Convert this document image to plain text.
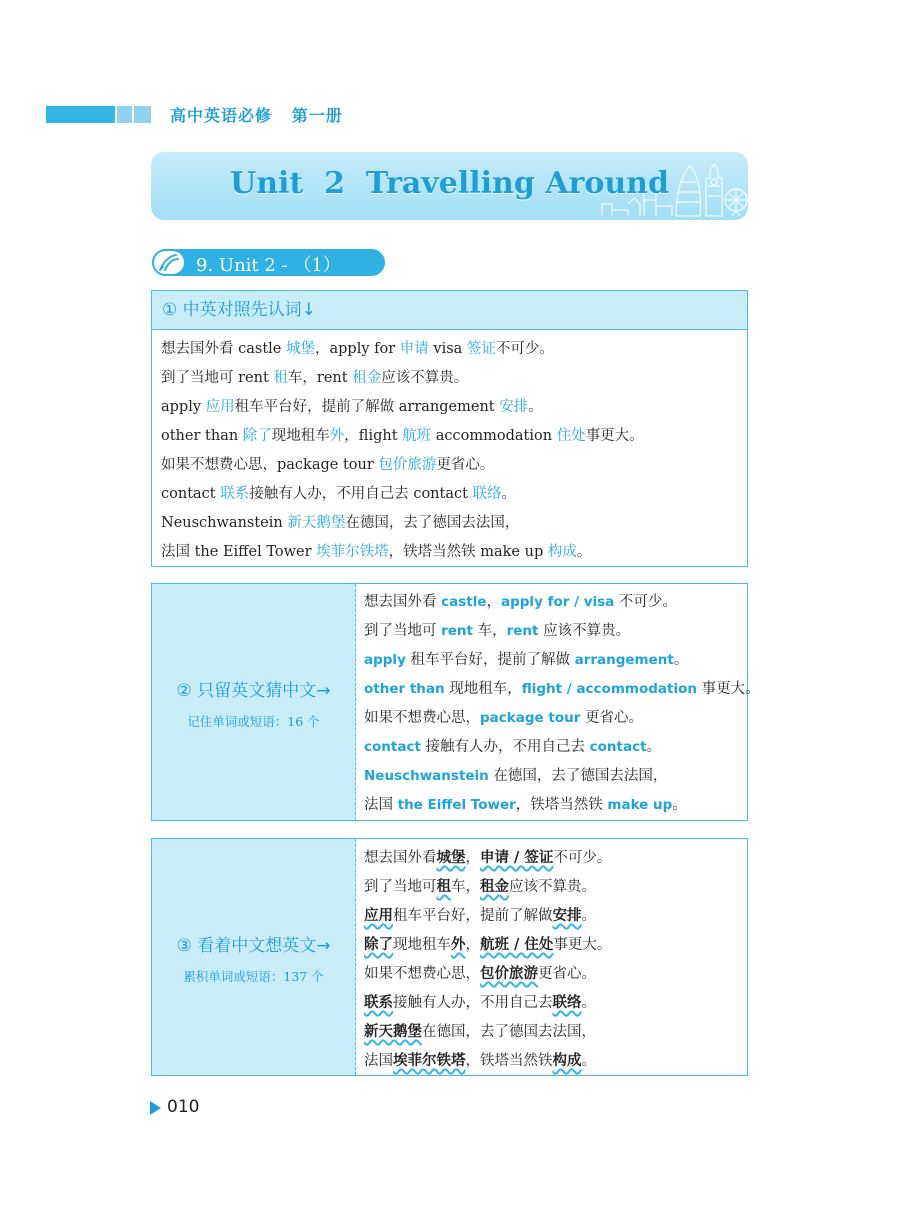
高中英语必修   第一册
Unit  2  Travelling Around
9. Unit 2 - （1）
① 中英对照先认词↓
想去国外看 castle 城堡，apply for 申请 visa 签证不可少。
到了当地可 rent 租车，rent 租金应该不算贵。
apply 应用租车平台好，提前了解做 arrangement 安排。
other than 除了现地租车外，flight 航班 accommodation 住处事更大。
如果不想费心思，package tour 包价旅游更省心。
contact 联系接触有人办，不用自己去 contact 联络。
Neuschwanstein 新天鹅堡在德国，去了德国去法国，
法国 the Eiffel Tower 埃菲尔铁塔，铁塔当然铁 make up 构成。
② 只留英文猜中文→
记住单词或短语：16 个
想去国外看 castle，apply for / visa 不可少。
到了当地可 rent 车，rent 应该不算贵。
apply 租车平台好，提前了解做 arrangement。
other than 现地租车，flight / accommodation 事更大。
如果不想费心思，package tour 更省心。
contact 接触有人办，不用自己去 contact。
Neuschwanstein 在德国，去了德国去法国，
法国 the Eiffel Tower，铁塔当然铁 make up。
③ 看着中文想英文→
累积单词或短语：137 个
想去国外看城堡，申请 / 签证不可少。
到了当地可租车，租金应该不算贵。
应用租车平台好，提前了解做安排。
除了现地租车外，航班 / 住处事更大。
如果不想费心思，包价旅游更省心。
联系接触有人办，不用自己去联络。
新天鹅堡在德国，去了德国去法国，
法国埃菲尔铁塔，铁塔当然铁构成。
010
